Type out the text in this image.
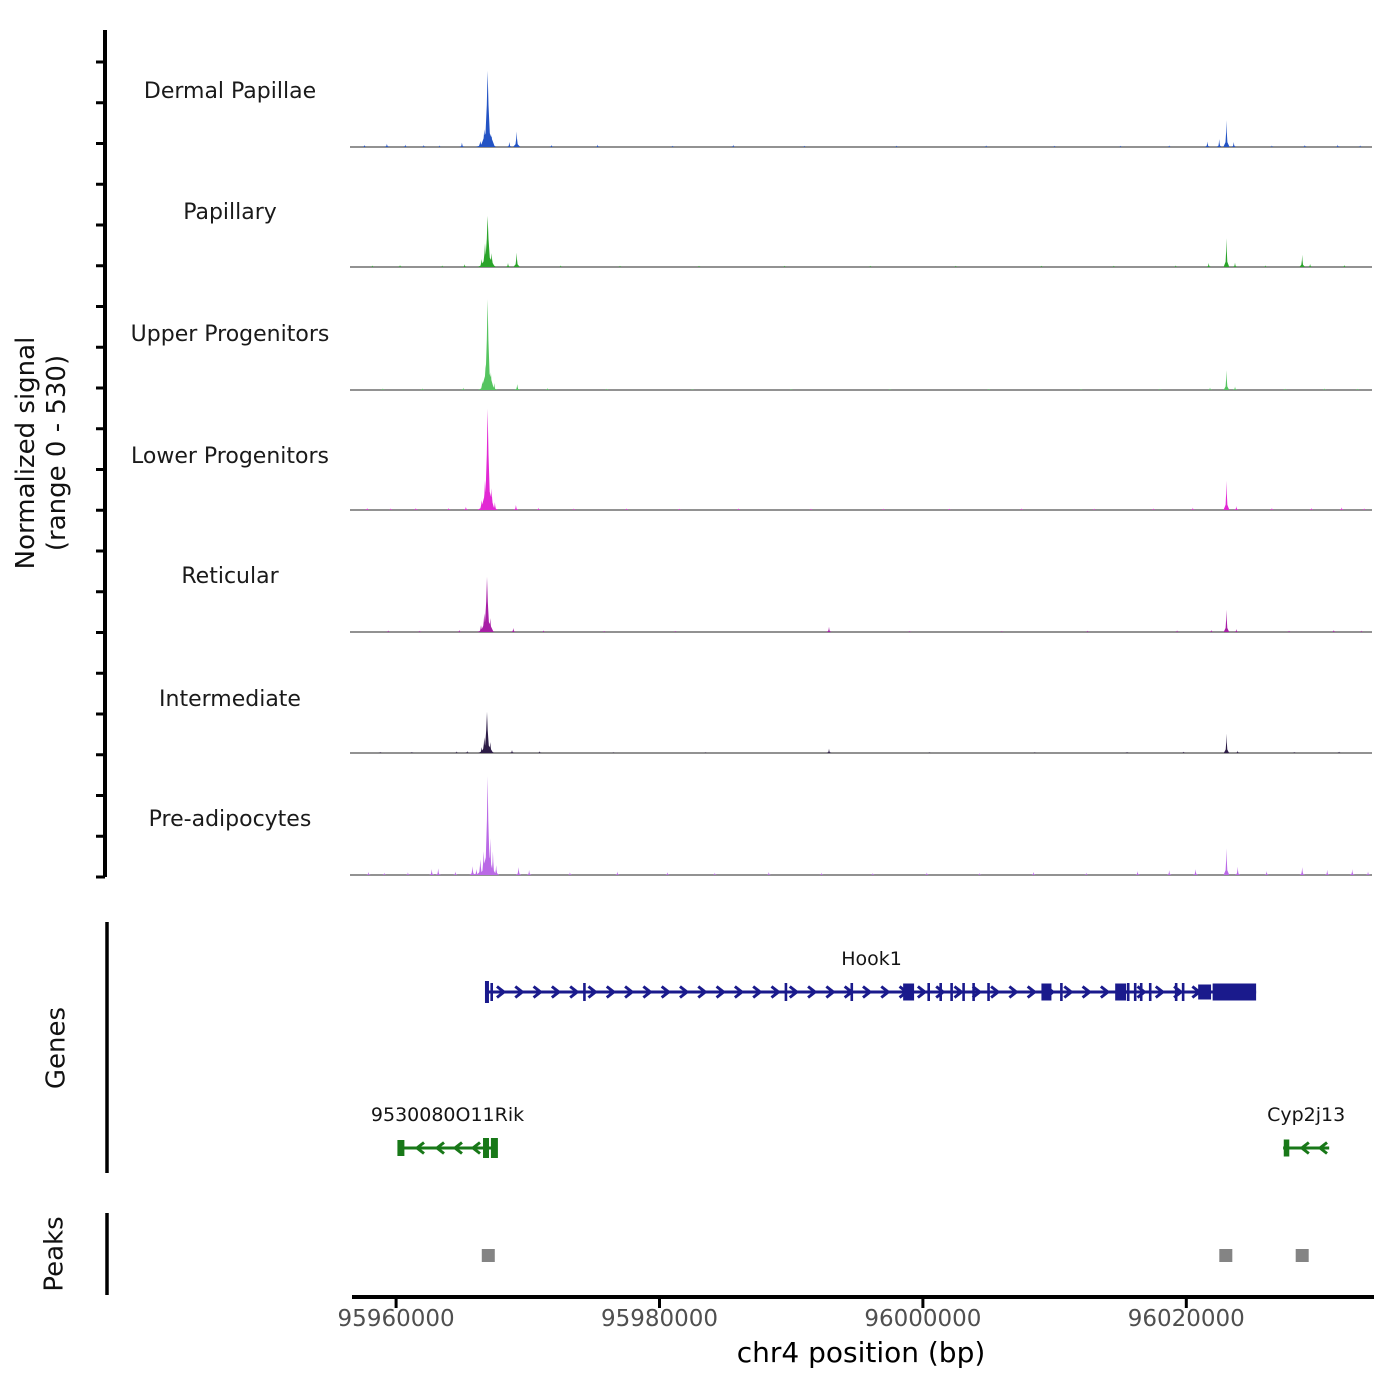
Normalized signal (range 0 - 530)
Dermal Papillae
Papillary
Upper Progenitors
Lower Progenitors
Reticular
Intermediate
Pre-adipocytes
Genes
Peaks
Hook1
9530080O11Rik	Cyp2j13
95960000	95980000	96000000	96020000
chr4 position (bp)
